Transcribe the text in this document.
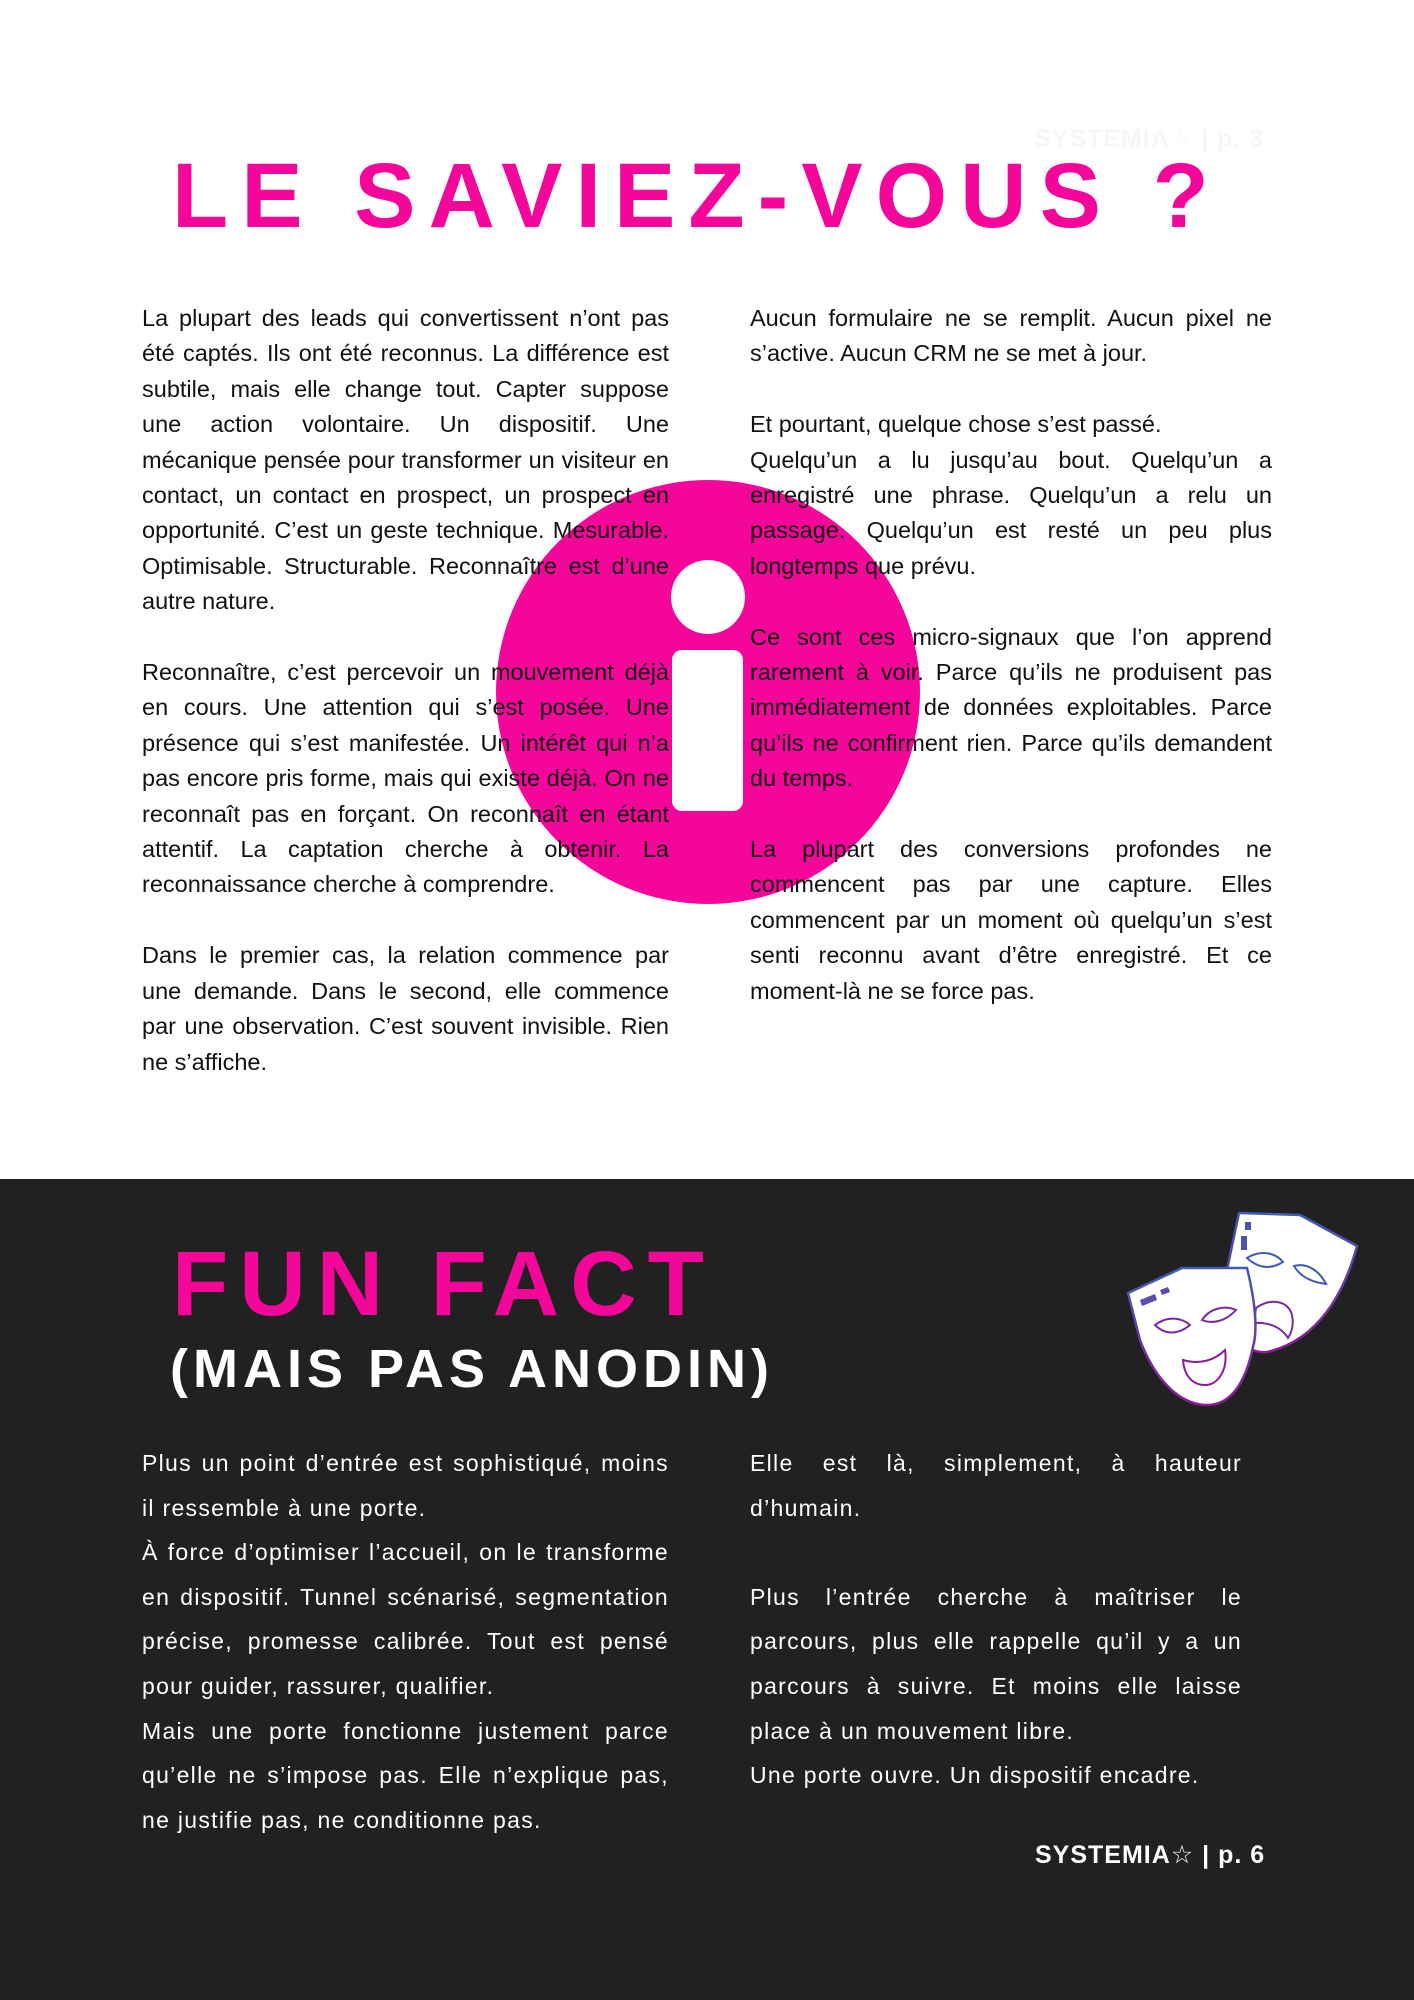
SYSTEMIA☆ | p. 3
LE SAVIEZ-VOUS ?

La plupart des leads qui convertissent n’ont pas été captés. Ils ont été reconnus. La différence est subtile, mais elle change tout. Capter suppose une action volontaire. Un dispositif. Une mécanique pensée pour transformer un visiteur en contact, un contact en prospect, un prospect en opportunité. C’est un geste technique. Mesurable. Optimisable. Structurable. Reconnaître est d’une autre nature.

Reconnaître, c’est percevoir un mouvement déjà en cours. Une attention qui s’est posée. Une présence qui s’est manifestée. Un intérêt qui n’a pas encore pris forme, mais qui existe déjà. On ne reconnaît pas en forçant. On reconnaît en étant attentif. La captation cherche à obtenir. La reconnaissance cherche à comprendre.

Dans le premier cas, la relation commence par une demande. Dans le second, elle commence par une observation. C’est souvent invisible. Rien ne s’affiche.

Aucun formulaire ne se remplit. Aucun pixel ne s’active. Aucun CRM ne se met à jour.

Et pourtant, quelque chose s’est passé.

Quelqu’un a lu jusqu’au bout. Quelqu’un a enregistré une phrase. Quelqu’un a relu un passage. Quelqu’un est resté un peu plus longtemps que prévu.

Ce sont ces micro-signaux que l’on apprend rarement à voir. Parce qu’ils ne produisent pas immédiatement de données exploitables. Parce qu’ils ne confirment rien. Parce qu’ils demandent du temps.

La plupart des conversions profondes ne commencent pas par une capture. Elles commencent par un moment où quelqu’un s’est senti reconnu avant d’être enregistré. Et ce moment-là ne se force pas.

FUN FACT
(MAIS PAS ANODIN)

Plus un point d’entrée est sophistiqué, moins il ressemble à une porte.

À force d’optimiser l’accueil, on le transforme en dispositif. Tunnel scénarisé, segmentation précise, promesse calibrée. Tout est pensé pour guider, rassurer, qualifier.

Mais une porte fonctionne justement parce qu’elle ne s’impose pas. Elle n’explique pas, ne justifie pas, ne conditionne pas.

Elle est là, simplement, à hauteur d’humain.

Plus l’entrée cherche à maîtriser le parcours, plus elle rappelle qu’il y a un parcours à suivre. Et moins elle laisse place à un mouvement libre.

Une porte ouvre. Un dispositif encadre.

SYSTEMIA☆ | p. 6
